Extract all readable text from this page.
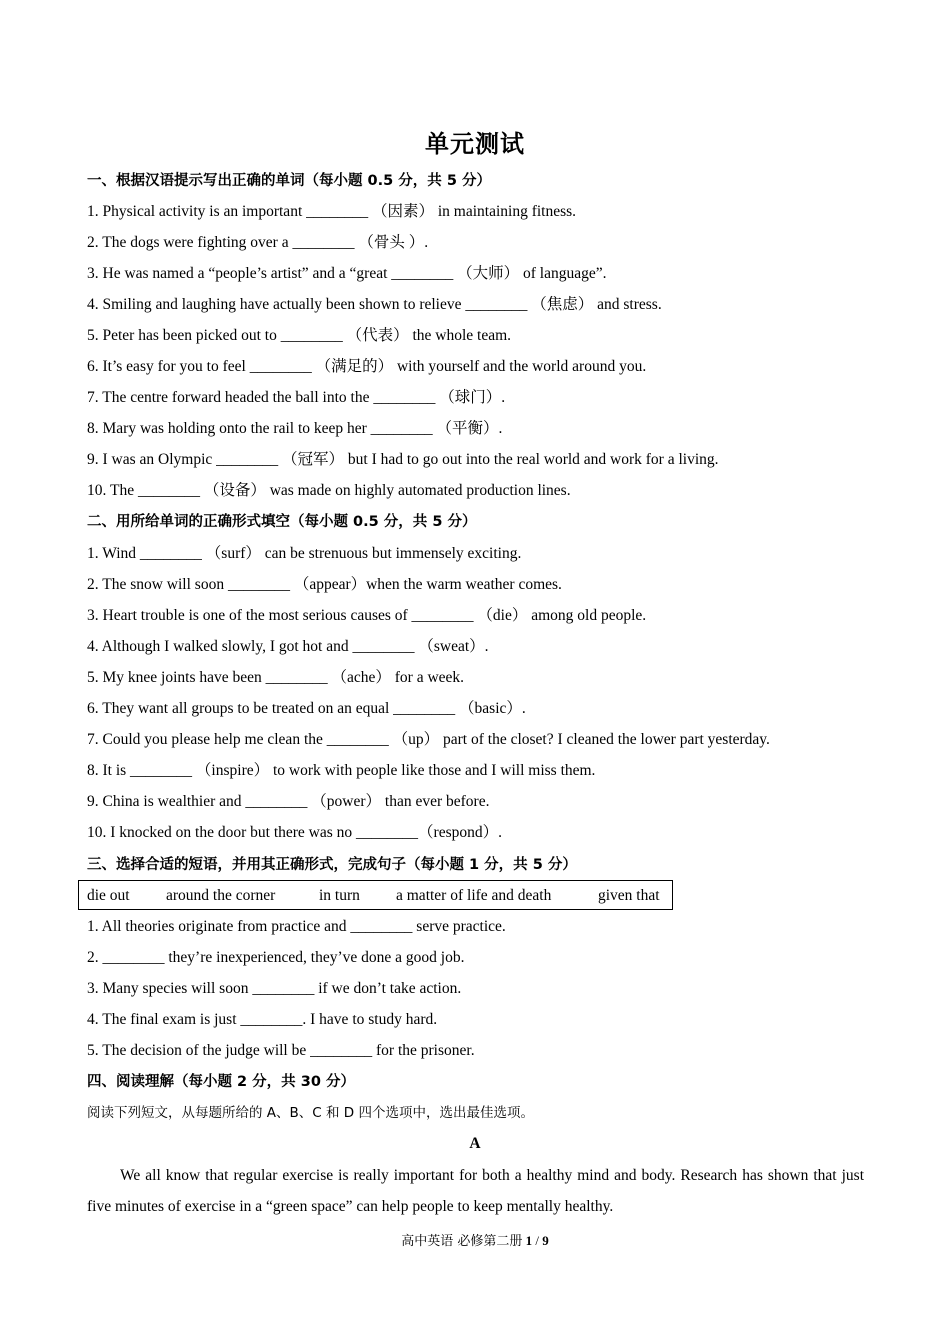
单元测试
一、根据汉语提示写出正确的单词（每小题 0.5 分，共 5 分）
1. Physical activity is an important ________ （因素） in maintaining fitness.
2. The dogs were fighting over a ________ （骨头 ）.
3. He was named a “people’s artist” and a “great ________ （大师） of language”.
4. Smiling and laughing have actually been shown to relieve ________ （焦虑） and stress.
5. Peter has been picked out to ________ （代表） the whole team.
6. It’s easy for you to feel ________ （满足的） with yourself and the world around you.
7. The centre forward headed the ball into the ________ （球门）.
8. Mary was holding onto the rail to keep her ________ （平衡）.
9. I was an Olympic ________ （冠军） but I had to go out into the real world and work for a living.
10. The ________ （设备） was made on highly automated production lines.
二、用所给单词的正确形式填空（每小题 0.5 分，共 5 分）
1. Wind ________ （surf） can be strenuous but immensely exciting.
2. The snow will soon ________ （appear）when the warm weather comes.
3. Heart trouble is one of the most serious causes of ________ （die） among old people.
4. Although I walked slowly, I got hot and ________ （sweat）.
5. My knee joints have been ________ （ache） for a week.
6. They want all groups to be treated on an equal ________ （basic）.
7. Could you please help me clean the ________ （up） part of the closet? I cleaned the lower part yesterday.
8. It is ________ （inspire） to work with people like those and I will miss them.
9. China is wealthier and ________ （power） than ever before.
10. I knocked on the door but there was no ________（respond）.
三、选择合适的短语，并用其正确形式，完成句子（每小题 1 分，共 5 分）
die out around the corner	in turn a matter of life and death	given that
1. All theories originate from practice and ________ serve practice.
2. ________ they’re inexperienced, they’ve done a good job.
3. Many species will soon ________ if we don’t take action.
4. The final exam is just ________. I have to study hard.
5. The decision of the judge will be ________ for the prisoner.
四、阅读理解（每小题 2 分，共 30 分）
阅读下列短文，从每题所给的 A、B、C 和 D 四个选项中，选出最佳选项。
A
We all know that regular exercise is really important for both a healthy mind and body. Research has shown that just five minutes of exercise in a “green space” can help people to keep mentally healthy.
高中英语 必修第二册 1 / 9
